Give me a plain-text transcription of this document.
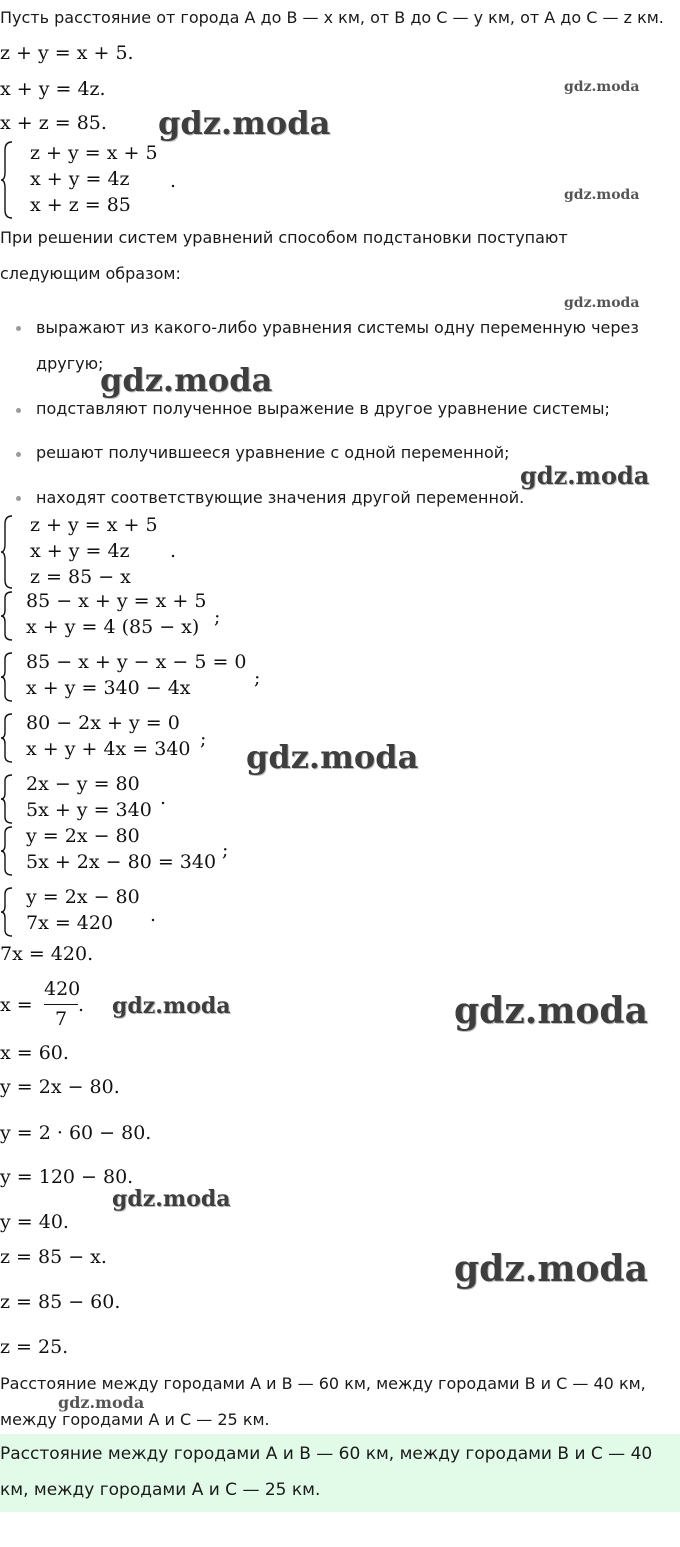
Пусть расстояние от города А до В — x км, от В до С — y км, от А до С — z км.
z + y = x + 5.
x + y = 4z.
x + z = 85.
z + y = x + 5
x + y = 4z
x + z = 85
.
При решении систем уравнений способом подстановки поступают
следующим образом:
выражают из какого-либо уравнения системы одну переменную через
другую;
подставляют полученное выражение в другое уравнение системы;
решают получившееся уравнение с одной переменной;
находят соответствующие значения другой переменной.
z + y = x + 5
x + y = 4z
z = 85 − x
.
85 − x + y = x + 5
x + y = 4 (85 − x) ;
85 − x + y − x − 5 = 0
x + y = 340 − 4x	;
80 − 2x + y = 0
x + y + 4x = 340 ;
2x − y = 80
5x + y = 340
.
y = 2x − 80
5x + 2x − 80 = 340
;
y = 2x − 80
7x = 420 .
7x = 420.
x =
420
7
.
x = 60.
y = 2x − 80.
y = 2 · 60 − 80.
y = 120 − 80.
y = 40.
z = 85 − x.
z = 85 − 60.
z = 25.
Расстояние между городами А и В — 60 км, между городами В и С — 40 км,
между городами А и С — 25 км.
Расстояние между городами А и В — 60 км, между городами В и С — 40
км, между городами А и С — 25 км.
gdz.moda
gdz.moda
gdz.moda
gdz.moda
gdz.moda
gdz.moda
gdz.moda
gdz.moda	gdz.moda
gdz.moda
gdz.moda
gdz.moda
